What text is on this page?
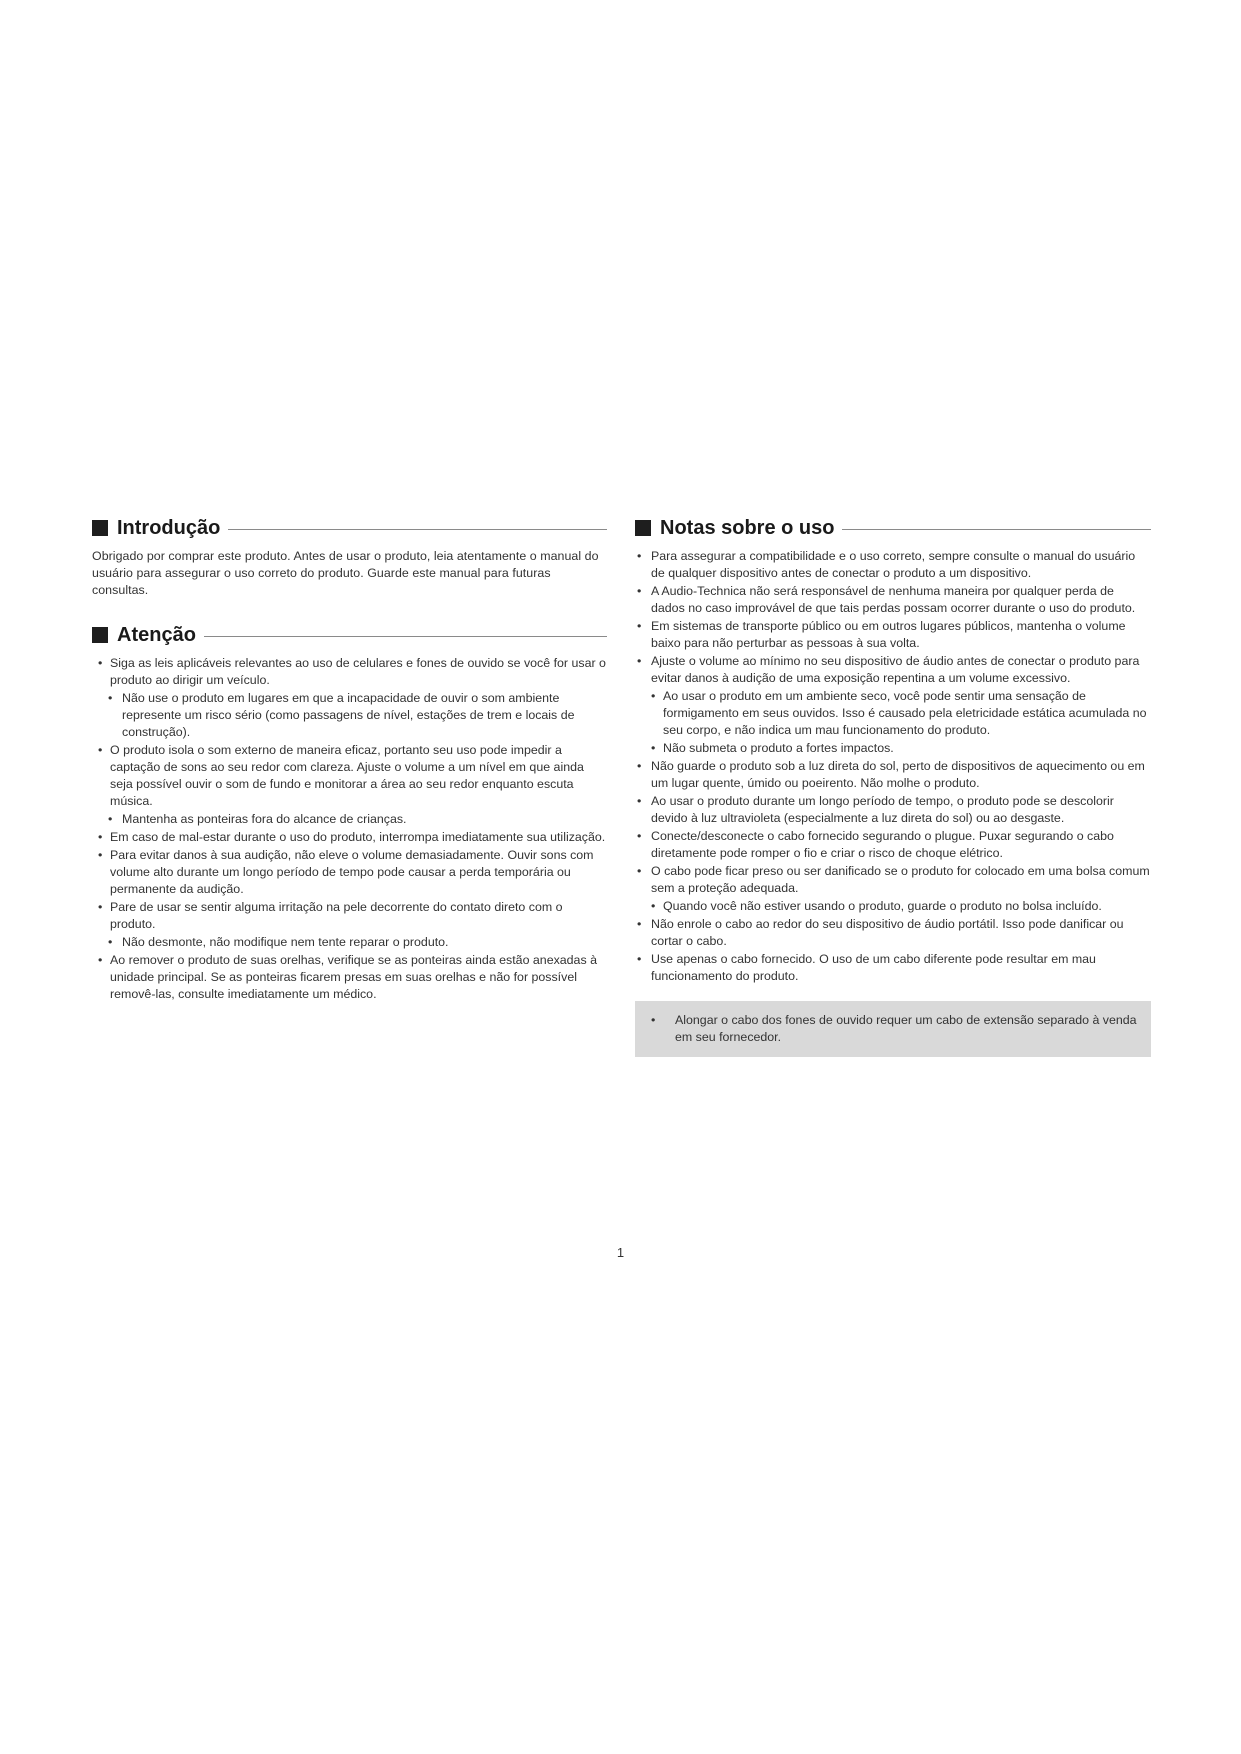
Introdução

Obrigado por comprar este produto. Antes de usar o produto, leia atentamente o manual do usuário para assegurar o uso correto do produto. Guarde este manual para futuras consultas.

Atenção
• Siga as leis aplicáveis relevantes ao uso de celulares e fones de ouvido se você for usar o produto ao dirigir um veículo.
• Não use o produto em lugares em que a incapacidade de ouvir o som ambiente represente um risco sério (como passagens de nível, estações de trem e locais de construção).
• O produto isola o som externo de maneira eficaz, portanto seu uso pode impedir a captação de sons ao seu redor com clareza. Ajuste o volume a um nível em que ainda seja possível ouvir o som de fundo e monitorar a área ao seu redor enquanto escuta música.
• Mantenha as ponteiras fora do alcance de crianças.
• Em caso de mal-estar durante o uso do produto, interrompa imediatamente sua utilização.
• Para evitar danos à sua audição, não eleve o volume demasiadamente. Ouvir sons com volume alto durante um longo período de tempo pode causar a perda temporária ou permanente da audição.
• Pare de usar se sentir alguma irritação na pele decorrente do contato direto com o produto.
• Não desmonte, não modifique nem tente reparar o produto.
• Ao remover o produto de suas orelhas, verifique se as ponteiras ainda estão anexadas à unidade principal. Se as ponteiras ficarem presas em suas orelhas e não for possível removê-las, consulte imediatamente um médico.
Notas sobre o uso
• Para assegurar a compatibilidade e o uso correto, sempre consulte o manual do usuário de qualquer dispositivo antes de conectar o produto a um dispositivo.
• A Audio-Technica não será responsável de nenhuma maneira por qualquer perda de dados no caso improvável de que tais perdas possam ocorrer durante o uso do produto.
• Em sistemas de transporte público ou em outros lugares públicos, mantenha o volume baixo para não perturbar as pessoas à sua volta.
• Ajuste o volume ao mínimo no seu dispositivo de áudio antes de conectar o produto para evitar danos à audição de uma exposição repentina a um volume excessivo.
• Ao usar o produto em um ambiente seco, você pode sentir uma sensação de formigamento em seus ouvidos. Isso é causado pela eletricidade estática acumulada no seu corpo, e não indica um mau funcionamento do produto.
• Não submeta o produto a fortes impactos.
• Não guarde o produto sob a luz direta do sol, perto de dispositivos de aquecimento ou em um lugar quente, úmido ou poeirento. Não molhe o produto.
• Ao usar o produto durante um longo período de tempo, o produto pode se descolorir devido à luz ultravioleta (especialmente a luz direta do sol) ou ao desgaste.
• Conecte/desconecte o cabo fornecido segurando o plugue. Puxar segurando o cabo diretamente pode romper o fio e criar o risco de choque elétrico.
• O cabo pode ficar preso ou ser danificado se o produto for colocado em uma bolsa comum sem a proteção adequada.
• Quando você não estiver usando o produto, guarde o produto no bolsa incluído.
• Não enrole o cabo ao redor do seu dispositivo de áudio portátil. Isso pode danificar ou cortar o cabo.
• Use apenas o cabo fornecido. O uso de um cabo diferente pode resultar em mau funcionamento do produto.
•	Alongar o cabo dos fones de ouvido requer um cabo de extensão separado à venda em seu fornecedor.
1
